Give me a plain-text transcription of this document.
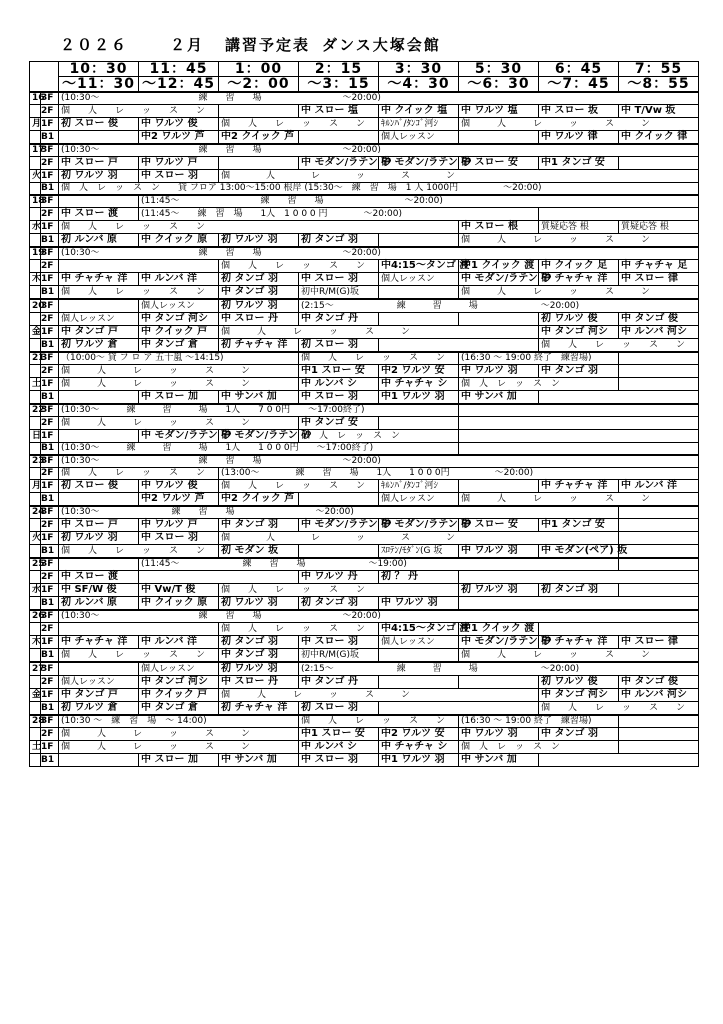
２０２６	２月 講習予定表 ダンス大塚会館
		10：30	11：45	1：00	2：15	3：30	5：30	6：45	7：55
		～11：30	～12：45	～2：00	～3：15	～4：30	～6：30	～7：45	～8：55
16	3F	(10:30～　　　　　　　　　　　練　　習　　場　　　　　　　　　～20:00)							
	2F	個　　人　　レ　　ッ　　ス　　ン			中 スロー 塩	中 クイック 塩	中 ワルツ 塩	中 スロー 坂	中 T/Vw 坂
月	1F	初 スロー 俊	中 ワルツ 俊	個　　人　　レ　　ッ　　ス　　ン		ｷﾙﾝﾊﾞ/ﾀﾝｺﾞ河ｼ	個　　　人　　　レ　　　ッ　　　ス　　　ン		
	B1		中2 ワルツ 芦	中2 クイック 芦		個人レッスン		中 ワルツ 律	中 クイック 律
17	3F	(10:30～　　　　　　　　　　　練　　習　　場　　　　　　　　　～20:00)							
	2F	中 スロー 戸	中 ワルツ 戸		中 モダン/ラテン 砂	中 モダン/ラテン 砂	中 スロー 安	中1 タンゴ 安	
火	1F	初 ワルツ 羽	中 スロー 羽	個　　　　人　　　　レ　　　　ッ　　　　ス　　　　ン					
	B1	個　人　レ　ッ　ス　ン　　貸 フロア 13:00～15:00 根岸 (15:30～　練　習　場　1 人 1000円　　　　　～20:00)							
18	3F		(11:45～　　　　　　　　　練　　習　　場　　　　　　　　　～20:00)						
	2F	中 スロー 渡	(11:45～　　練　習　場　　1人　1 0 0 0 円　　　　～20:00)						
水	1F	個　　人　　レ　　ッ　　ス　　ン					中 スロー 根	質疑応答 根	質疑応答 根
	B1	初 ルンバ 原	中 クイック 原	初 ワルツ 羽	初 タンゴ 羽		個　　　人　　　レ　　　ッ　　　ス　　　ン		
19	3F	(10:30～　　　　　　　　　　　練　　習　　場　　　　　　　　　～20:00)							
	2F			個　　人　　レ　　ッ　　ス　　ン		中4:15～タンゴ 渡	中1 クイック 渡	中 クイック 足	中 チャチャ 足
木	1F	中 チャチャ 洋	中 ルンバ 洋	初 タンゴ 羽	中 スロー 羽	個人レッスン	中 モダン/ラテン 砂	中 チャチャ 洋	中 スロー 律
	B1	個　　人　　レ　　ッ　　ス　　ン		中 タンゴ 羽	初中R/M(G)坂		個　　　人　　　レ　　　ッ　　　ス　　　ン		
20	3F		個人レッスン	初 ワルツ 羽	(2:15～　　　　　　　練　　　習　　　場　　　　　　　～20:00)				
	2F	個人レッスン	中 タンゴ 河シ	中 スロー 丹	中 タンゴ 丹			初 ワルツ 俊	中 タンゴ 俊
金	1F	中 タンゴ 戸	中 クイック 戸	個　　　人　　　レ　　　ッ　　　ス　　　ン				中 タンゴ 河シ	中 ルンバ 河シ
	B1	初 ワルツ 倉	中 タンゴ 倉	初 チャチャ 洋	初 スロー 羽			個　　人　　レ　　ッ　　ス　　ン	
21	3F	（10:00～ 貸 フ ロ ア 五十嵐 ～14:15)			個　　人　　レ　　ッ　　ス　　ン		(16:30 ～ 19:00 終了　練習場)		
	2F	個　　　人　　　レ　　　ッ　　　ス　　　ン			中1 スロー 安	中2 ワルツ 安	中 ワルツ 羽	中 タンゴ 羽	
土	1F	個　　　人　　　レ　　　ッ　　　ス　　　ン			中 ルンバ シ	中 チャチャ シ	個　人　レ　ッ　ス　ン		
	B1		中 スロー 加	中 サンバ 加	中 スロー 羽	中1 ワルツ 羽	中 サンバ 加		
22	3F	(10:30～　　　練　　　習　　　場　　1人　　7 0 0円　　～17:00終了)							
	2F	個　　　人　　　レ　　　ッ　　　ス　　　ン			中 タンゴ 安				
日	1F		中 モダン/ラテン 砂	中 モダン/ラテン 砂	個　人　レ　ッ　ス　ン				
	B1	(10:30～　　　練　　　習　　　場　　1人　　1 0 0 0円　　～17:00終了)							
23	3F	(10:30～　　　　　　　　　　　練　　習　　場　　　　　　　　　～20:00)							
	2F	個　　人　　レ　　ッ　　ス　　ン		(13:00～　　　　練　　習　　場　　1人　　1 0 0 0円　　　　　～20:00)					
月	1F	初 スロー 俊	中 ワルツ 俊	個　　人　　レ　　ッ　　ス　　ン		ｷﾙﾝﾊﾞ/ﾀﾝｺﾞ河ｼ		中 チャチャ 洋	中 ルンバ 洋
	B1		中2 ワルツ 芦	中2 クイック 芦		個人レッスン	個　　　人　　　レ　　　ッ　　　ス　　　ン		
24	3F	(10:30～　　　　　　　　練　　習　　場　　　　　　　　　～20:00)							
	2F	中 スロー 戸	中 ワルツ 戸	中 タンゴ 羽	中 モダン/ラテン 砂	中 モダン/ラテン 砂	中 スロー 安	中1 タンゴ 安	
火	1F	初 ワルツ 羽	中 スロー 羽	個　　　　人　　　　レ　　　　ッ　　　　ス　　　　ン					
	B1	個　　人　　レ　　ッ　　ス　　ン		初 モダン 坂		ｽﾛﾃﾝ/ﾓﾀﾞﾝ(G 坂	中 ワルツ 羽	中 モダン(ペア) 坂	
25	3F		(11:45～　　　　　　　練　　習　　場　　　　　　　～19:00)						
	2F	中 スロー 渡			中 ワルツ 丹	初 ？ 丹			
水	1F	中 SF/W 俊	中 Vw/T 俊	個　　人　　レ　　ッ　　ス　　ン			初 ワルツ 羽	初 タンゴ 羽	
	B1	初 ルンバ 原	中 クイック 原	初 ワルツ 羽	初 タンゴ 羽	中 ワルツ 羽			
26	3F	(10:30～　　　　　　　　　　　練　　習　　場　　　　　　　　　～20:00)							
	2F			個　　人　　レ　　ッ　　ス　　ン		中4:15～タンゴ 渡	中1 クイック 渡		
木	1F	中 チャチャ 洋	中 ルンバ 洋	初 タンゴ 羽	中 スロー 羽	個人レッスン	中 モダン/ラテン 砂	中 チャチャ 洋	中 スロー 律
	B1	個　　人　　レ　　ッ　　ス　　ン		中 タンゴ 羽	初中R/M(G)坂		個　　　人　　　レ　　　ッ　　　ス　　　ン		
27	3F		個人レッスン	初 ワルツ 羽	(2:15～　　　　　　　練　　　習　　　場　　　　　　　～20:00)				
	2F	個人レッスン	中 タンゴ 河シ	中 スロー 丹	中 タンゴ 丹			初 ワルツ 俊	中 タンゴ 俊
金	1F	中 タンゴ 戸	中 クイック 戸	個　　　人　　　レ　　　ッ　　　ス　　　ン				中 タンゴ 河シ	中 ルンバ 河シ
	B1	初 ワルツ 倉	中 タンゴ 倉	初 チャチャ 洋	初 スロー 羽			個　　人　　レ　　ッ　　ス　　ン	
28	3F	(10:30 ～　練　習　場　～ 14:00)			個　　人　　レ　　ッ　　ス　　ン		(16:30 ～ 19:00 終了　練習場)		
	2F	個　　　人　　　レ　　　ッ　　　ス　　　ン			中1 スロー 安	中2 ワルツ 安	中 ワルツ 羽	中 タンゴ 羽	
土	1F	個　　　人　　　レ　　　ッ　　　ス　　　ン			中 ルンバ シ	中 チャチャ シ	個　人　レ　ッ　ス　ン		
	B1		中 スロー 加	中 サンバ 加	中 スロー 羽	中1 ワルツ 羽	中 サンバ 加		
